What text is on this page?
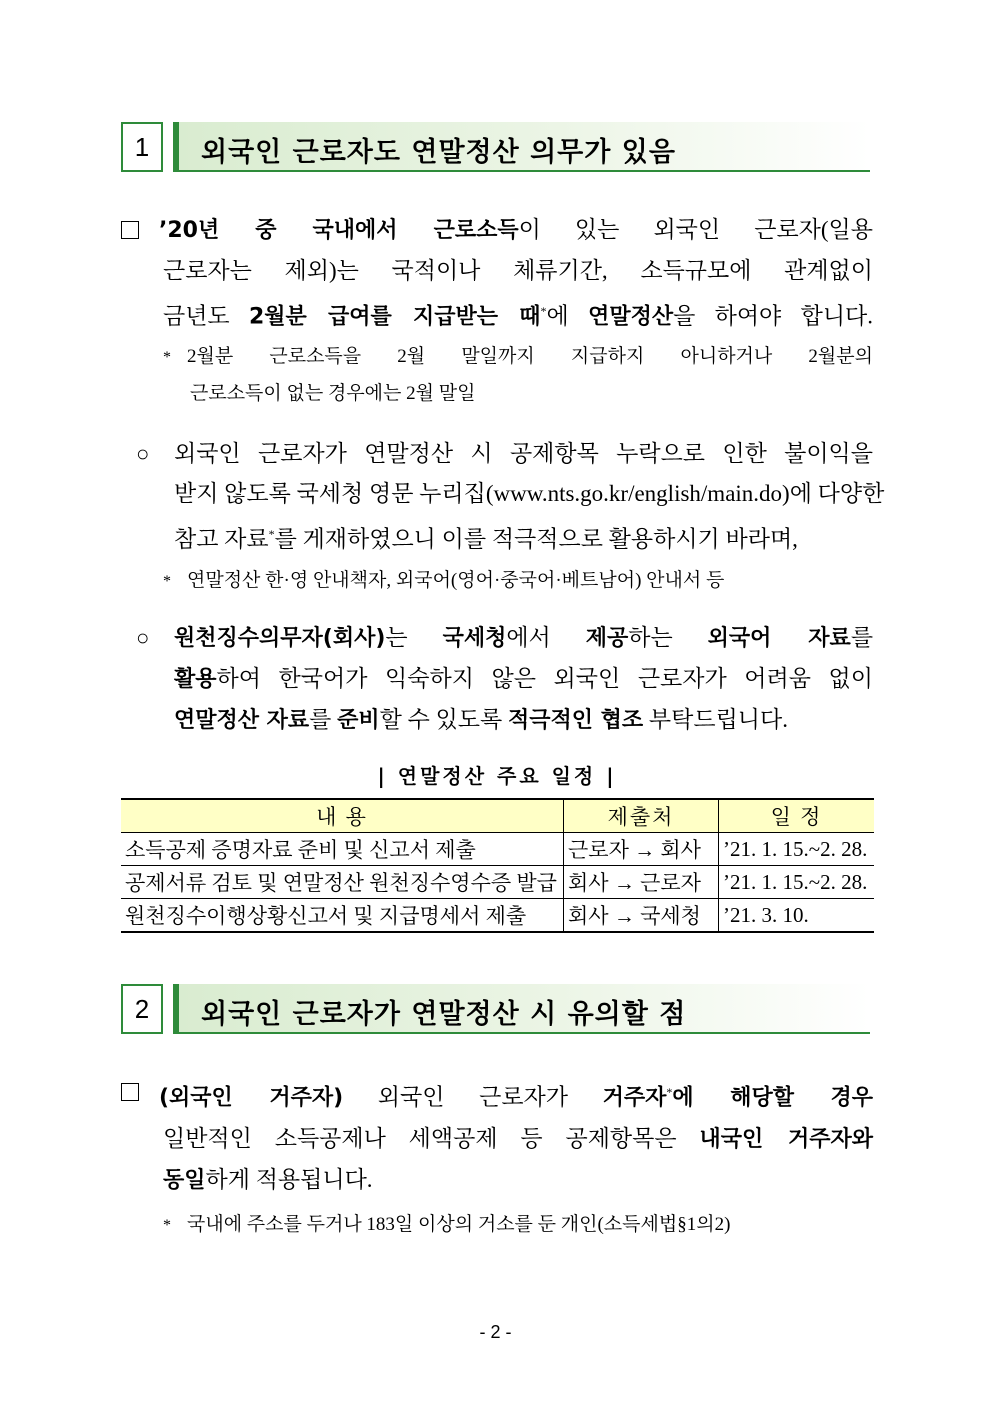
1	외국인 근로자도 연말정산 의무가 있음
’20년 중 국내에서 근로소득이 있는 외국인 근로자(일용
근로자는 제외)는 국적이나 체류기간, 소득규모에 관계없이
금년도 2월분 급여를 지급받는 때*에 연말정산을 하여야 합니다.
* 2월분 근로소득을 2월 말일까지 지급하지 아니하거나 2월분의
근로소득이 없는 경우에는 2월 말일
○	외국인 근로자가 연말정산 시 공제항목 누락으로 인한 불이익을
받지 않도록 국세청 영문 누리집(www.nts.go.kr/english/main.do)에 다양한
참고 자료*를 게재하였으니 이를 적극적으로 활용하시기 바라며,
* 연말정산 한·영 안내책자, 외국어(영어·중국어·베트남어) 안내서 등
○	원천징수의무자(회사)는 국세청에서 제공하는 외국어 자료를
활용하여 한국어가 익숙하지 않은 외국인 근로자가 어려움 없이
연말정산 자료를 준비할 수 있도록 적극적인 협조 부탁드립니다.
| 연말정산 주요 일정 |
내 용	제출처	일 정
소득공제 증명자료 준비 및 신고서 제출	근로자 → 회사	’21. 1. 15.~2. 28.
공제서류 검토 및 연말정산 원천징수영수증 발급	회사 → 근로자	’21. 1. 15.~2. 28.
원천징수이행상황신고서 및 지급명세서 제출	회사 → 국세청	’21. 3. 10.
2	외국인 근로자가 연말정산 시 유의할 점
(외국인 거주자) 외국인 근로자가 거주자*에 해당할 경우
일반적인 소득공제나 세액공제 등 공제항목은 내국인 거주자와
동일하게 적용됩니다.
* 국내에 주소를 두거나 183일 이상의 거소를 둔 개인(소득세법§1의2)
- 2 -
